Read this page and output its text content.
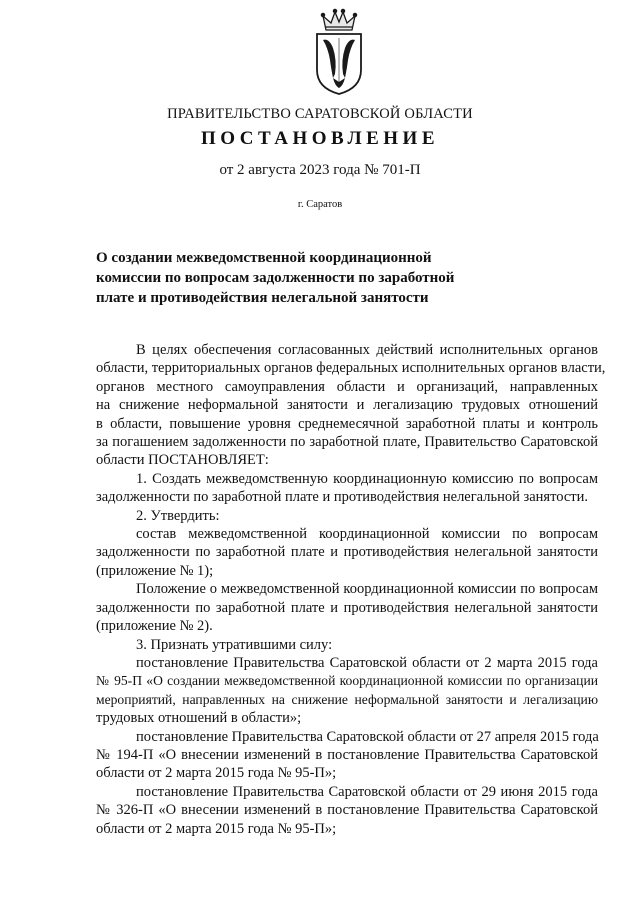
ПРАВИТЕЛЬСТВО САРАТОВСКОЙ ОБЛАСТИ
ПОСТАНОВЛЕНИЕ
от 2 августа 2023 года № 701-П
г. Саратов
О создании межведомственной координационной
комиссии по вопросам задолженности по заработной
плате и противодействия нелегальной занятости

В целях обеспечения согласованных действий исполнительных органов
области, территориальных органов федеральных исполнительных органов власти,
органов местного самоуправления области и организаций, направленных
на снижение неформальной занятости и легализацию трудовых отношений
в области, повышение уровня среднемесячной заработной платы и контроль
за погашением задолженности по заработной плате, Правительство Саратовской
области ПОСТАНОВЛЯЕТ:

1. Создать межведомственную координационную комиссию по вопросам
задолженности по заработной плате и противодействия нелегальной занятости.

2. Утвердить:

состав межведомственной координационной комиссии по вопросам
задолженности по заработной плате и противодействия нелегальной занятости
(приложение № 1);

Положение о межведомственной координационной комиссии по вопросам
задолженности по заработной плате и противодействия нелегальной занятости
(приложение № 2).

3. Признать утратившими силу:

постановление Правительства Саратовской области от 2 марта 2015 года
№ 95-П «О создании межведомственной координационной комиссии по организации
мероприятий, направленных на снижение неформальной занятости и легализацию
трудовых отношений в области»;

постановление Правительства Саратовской области от 27 апреля 2015 года
№ 194-П «О внесении изменений в постановление Правительства Саратовской
области от 2 марта 2015 года № 95-П»;

постановление Правительства Саратовской области от 29 июня 2015 года
№ 326-П «О внесении изменений в постановление Правительства Саратовской
области от 2 марта 2015 года № 95-П»;
